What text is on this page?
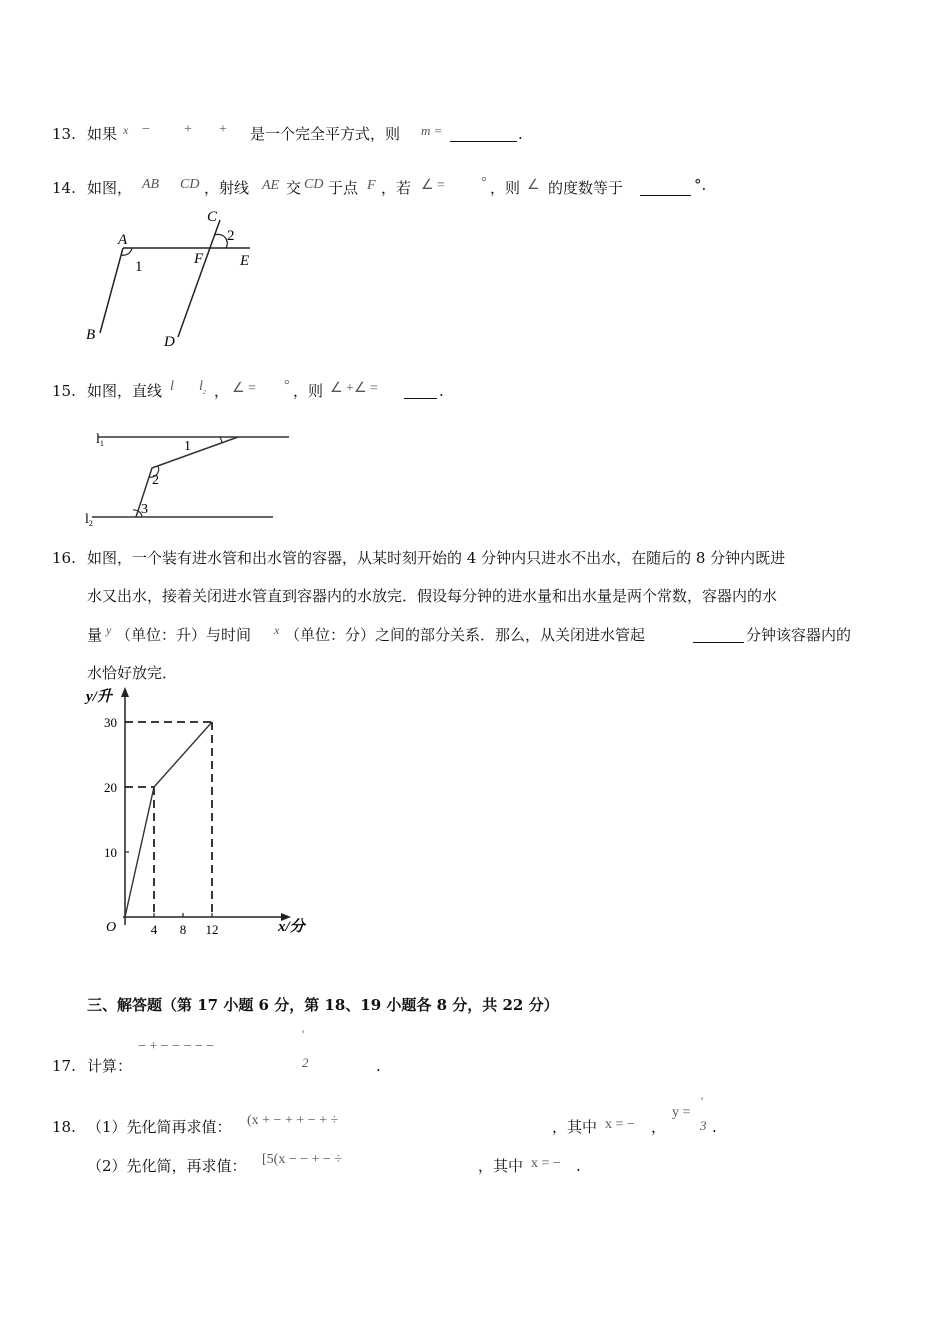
13. 如果 x − + + 是一个完全平方式，则 m =	.
14. 如图， AB CD ，射线 AE 交 CD 于点 F ，若 ∠ =	° ，则 ∠ 的度数等于	°.
A
B
C
D
E
F
1
2
15. 如图，直线 l $l_2$ ， ∠ = ° ，则 ∠ +∠ =	.
$l_1$
$l_2$
1
2
3
16. 如图，一个装有进水管和出水管的容器，从某时刻开始的 4 分钟内只进水不出水，在随后的 8 分钟内既进
水又出水，接着关闭进水管直到容器内的水放完．假设每分钟的进水量和出水量是两个常数，容器内的水
量 y （单位：升）与时间 x （单位：分）之间的部分关系．那么，从关闭进水管起	分钟该容器内的
水恰好放完．
4 8 12
10
20
30
y/升
x/分
O
三、解答题（第 17 小题 6 分，第 18、19 小题各 8 分，共 22 分）
17. 计算：
− + − − − − −
'
2	.
18. （1）先化简再求值： (x + − + + − + ÷	，其中 x = − ，
y =
'
3 .
（2）先化简，再求值： [5(x − − + − ÷	，其中 x = − .
